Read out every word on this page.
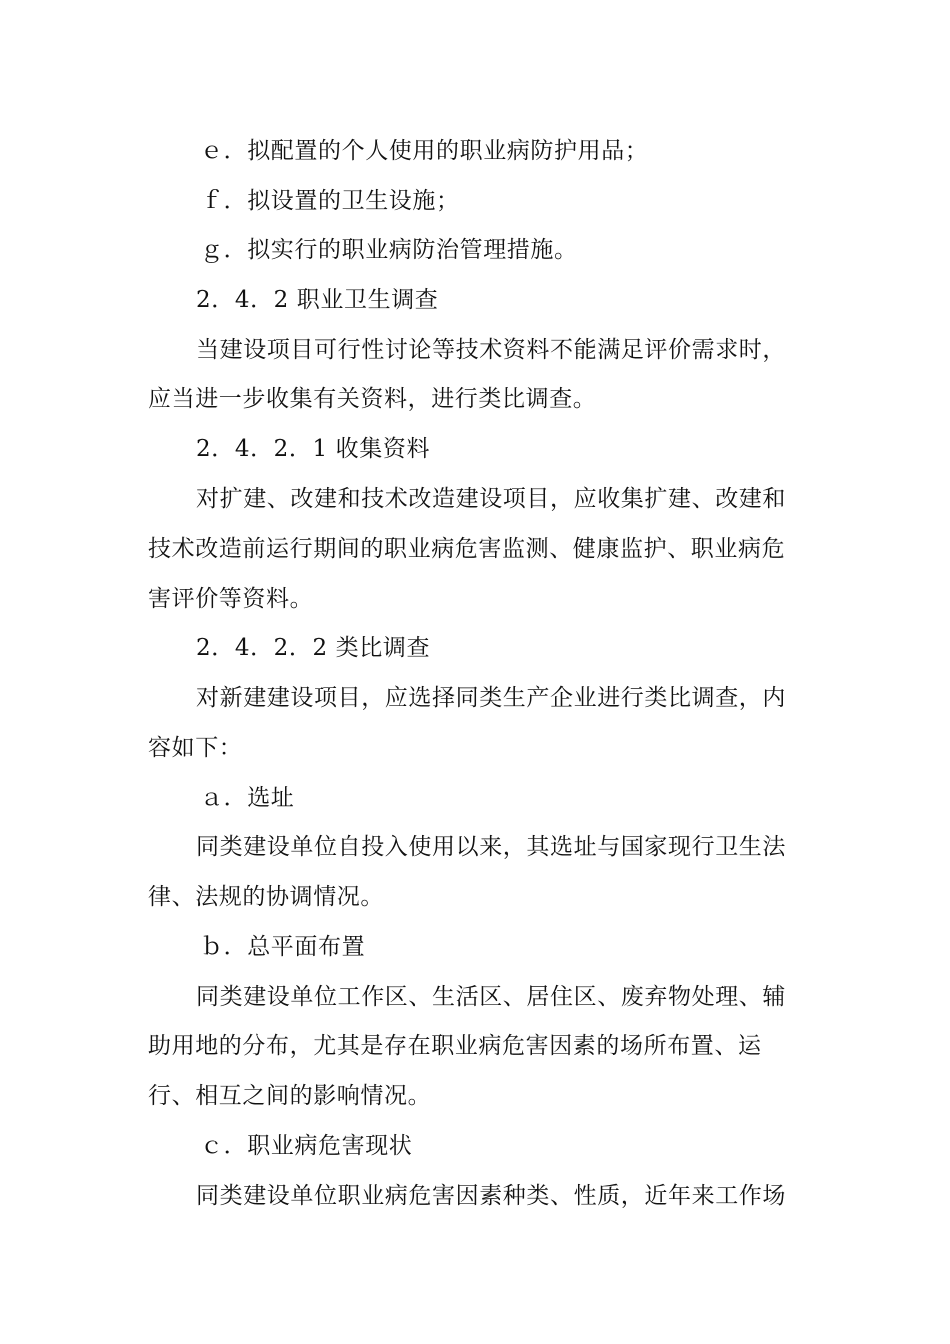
ｅ．拟配置的个人使用的职业病防护用品；
ｆ．拟设置的卫生设施；
ｇ．拟实行的职业病防治管理措施。
2．4．2 职业卫生调查
当建设项目可行性讨论等技术资料不能满足评价需求时，
应当进一步收集有关资料，进行类比调查。
2．4．2．1 收集资料
对扩建、改建和技术改造建设项目，应收集扩建、改建和
技术改造前运行期间的职业病危害监测、健康监护、职业病危
害评价等资料。
2．4．2．2 类比调查
对新建建设项目，应选择同类生产企业进行类比调查，内
容如下：
ａ．选址
同类建设单位自投入使用以来，其选址与国家现行卫生法
律、法规的协调情况。
ｂ．总平面布置
同类建设单位工作区、生活区、居住区、废弃物处理、辅
助用地的分布，尤其是存在职业病危害因素的场所布置、运
行、相互之间的影响情况。
ｃ．职业病危害现状
同类建设单位职业病危害因素种类、性质，近年来工作场
